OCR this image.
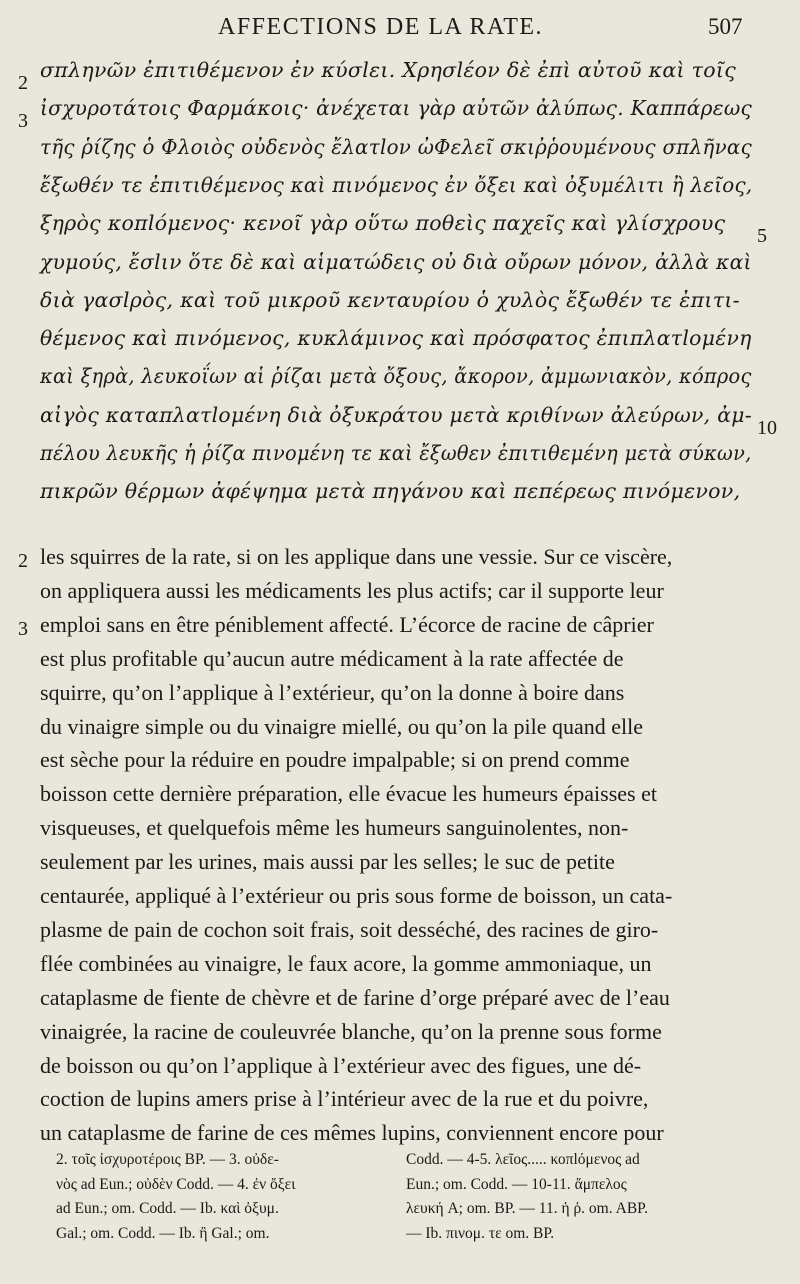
AFFECTIONS DE LA RATE.	507
σπληνῶν ἐπιτιθέμενον ἐν κύσlει. Χρησlέον δὲ ἐπὶ αὐτοῦ καὶ τοῖς
ἰσχυροτάτοις Φαρμάκοις· ἀνέχεται γὰρ αὐτῶν ἀλύπως. Καππάρεως
τῆς ῥίζης ὁ Φλοιὸς οὐδενὸς ἔλατlον ὠΦελεῖ σκιῤῥουμένους σπλῆνας
ἔξωθέν τε ἐπιτιθέμενος καὶ πινόμενος ἐν ὄξει καὶ ὀξυμέλιτι ἢ λεῖος,
ξηρὸς κοπlόμενος· κενοῖ γὰρ οὕτω ποθεὶς παχεῖς καὶ γλίσχρους
χυμούς, ἔσlιν ὅτε δὲ καὶ αἱματώδεις οὐ διὰ οὔρων μόνον, ἀλλὰ καὶ
διὰ γασlρὸς, καὶ τοῦ μικροῦ κενταυρίου ὁ χυλὸς ἔξωθέν τε ἐπιτι-
θέμενος καὶ πινόμενος, κυκλάμινος καὶ πρόσφατος ἐπιπλατlομένη
καὶ ξηρὰ, λευκοΐων αἱ ῥίζαι μετὰ ὄξους, ἄκορον, ἀμμωνιακὸν, κόπρος
αἰγὸς καταπλατlομένη διὰ ὀξυκράτου μετὰ κριθίνων ἀλεύρων, ἀμ-
πέλου λευκῆς ἡ ῥίζα πινομένη τε καὶ ἔξωθεν ἐπιτιθεμένη μετὰ σύκων,
πικρῶν θέρμων ἀφέψημα μετὰ πηγάνου καὶ πεπέρεως πινόμενον,
les squirres de la rate, si on les applique dans une vessie. Sur ce viscère,
on appliquera aussi les médicaments les plus actifs; car il supporte leur
emploi sans en être péniblement affecté. L’écorce de racine de câprier
est plus profitable qu’aucun autre médicament à la rate affectée de
squirre, qu’on l’applique à l’extérieur, qu’on la donne à boire dans
du vinaigre simple ou du vinaigre miellé, ou qu’on la pile quand elle
est sèche pour la réduire en poudre impalpable; si on prend comme
boisson cette dernière préparation, elle évacue les humeurs épaisses et
visqueuses, et quelquefois même les humeurs sanguinolentes, non-
seulement par les urines, mais aussi par les selles; le suc de petite
centaurée, appliqué à l’extérieur ou pris sous forme de boisson, un cata-
plasme de pain de cochon soit frais, soit desséché, des racines de giro-
flée combinées au vinaigre, le faux acore, la gomme ammoniaque, un
cataplasme de fiente de chèvre et de farine d’orge préparé avec de l’eau
vinaigrée, la racine de couleuvrée blanche, qu’on la prenne sous forme
de boisson ou qu’on l’applique à l’extérieur avec des figues, une dé-
coction de lupins amers prise à l’intérieur avec de la rue et du poivre,
un cataplasme de farine de ces mêmes lupins, conviennent encore pour
2. τοῖς ἰσχυροτέροις BP. — 3. οὐδε-
νὸς ad Eun.; οὐδὲν Codd. — 4. ἐν ὄξει
ad Eun.; om. Codd. — Ib. καὶ ὀξυμ.
Gal.; om. Codd. — Ib. ἢ Gal.; om.
Codd. — 4-5. λεῖος..... κοπlόμενος ad
Eun.; om. Codd. — 10-11. ἄμπελος
λευκή A; om. BP. — 11. ἡ ῥ. om. ABP.
— Ib. πινομ. τε om. BP.
2
3
5
10
2
3
